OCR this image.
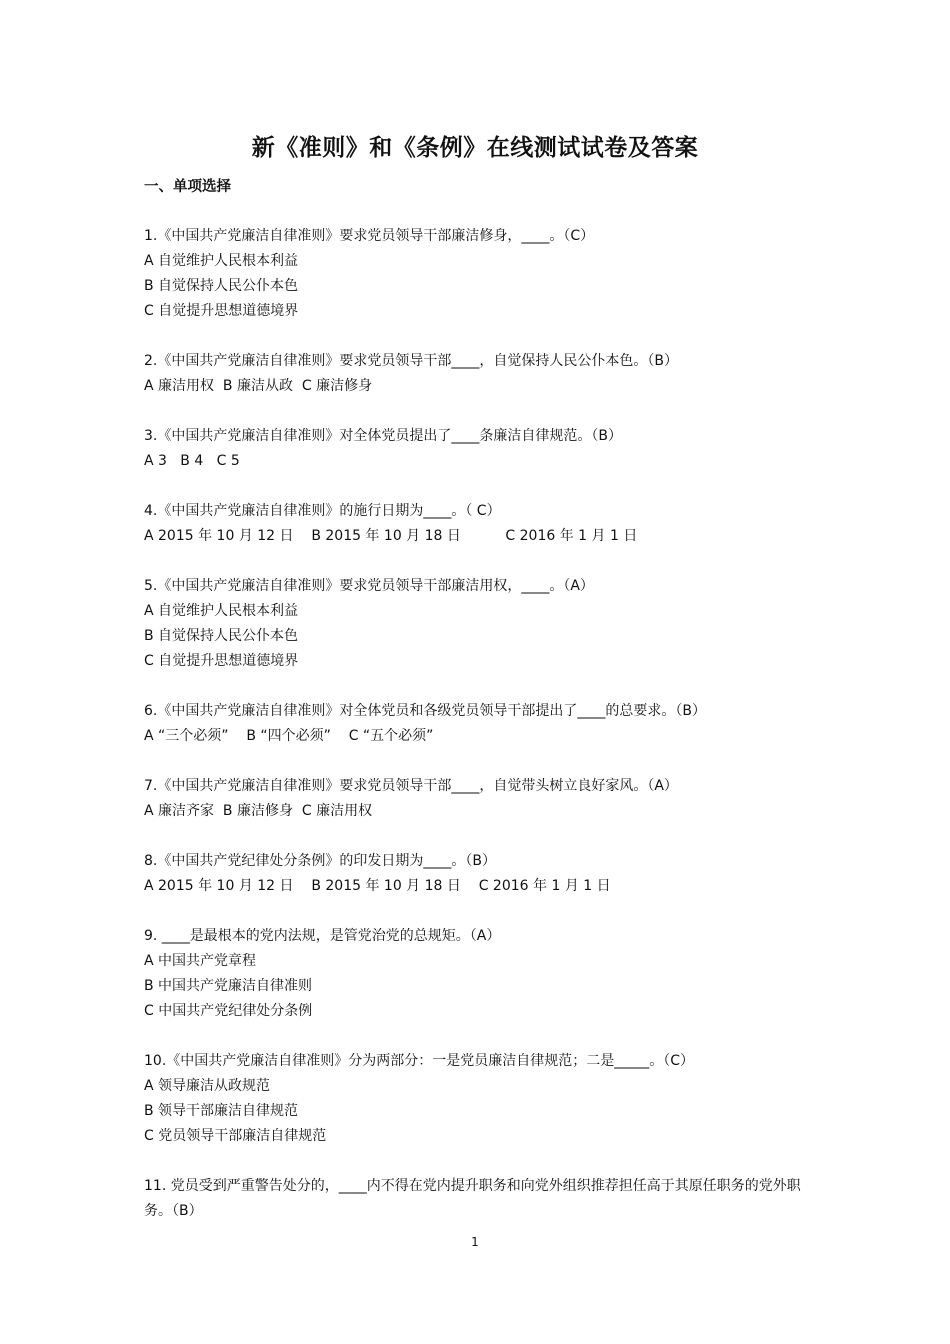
新《准则》和《条例》在线测试试卷及答案
一、单项选择

1.《中国共产党廉洁自律准则》要求党员领导干部廉洁修身，____。（C）

A 自觉维护人民根本利益

B 自觉保持人民公仆本色

C 自觉提升思想道德境界

2.《中国共产党廉洁自律准则》要求党员领导干部____，自觉保持人民公仆本色。（B）

A 廉洁用权  B 廉洁从政  C 廉洁修身

3.《中国共产党廉洁自律准则》对全体党员提出了____条廉洁自律规范。（B）

A 3   B 4   C 5

4.《中国共产党廉洁自律准则》的施行日期为____。（ C）

A 2015 年 10 月 12 日    B 2015 年 10 月 18 日          C 2016 年 1 月 1 日

5.《中国共产党廉洁自律准则》要求党员领导干部廉洁用权，____。（A）

A 自觉维护人民根本利益

B 自觉保持人民公仆本色

C 自觉提升思想道德境界

6.《中国共产党廉洁自律准则》对全体党员和各级党员领导干部提出了____的总要求。（B）

A “三个必须”    B “四个必须”    C “五个必须”

7.《中国共产党廉洁自律准则》要求党员领导干部____，自觉带头树立良好家风。（A）

A 廉洁齐家  B 廉洁修身  C 廉洁用权

8.《中国共产党纪律处分条例》的印发日期为____。（B）

A 2015 年 10 月 12 日    B 2015 年 10 月 18 日    C 2016 年 1 月 1 日

9. ____是最根本的党内法规，是管党治党的总规矩。（A）

A 中国共产党章程

B 中国共产党廉洁自律准则

C 中国共产党纪律处分条例

10.《中国共产党廉洁自律准则》分为两部分：一是党员廉洁自律规范；二是_____。（C）

A 领导廉洁从政规范

B 领导干部廉洁自律规范

C 党员领导干部廉洁自律规范

11. 党员受到严重警告处分的，____内不得在党内提升职务和向党外组织推荐担任高于其原任职务的党外职务。（B）

1
